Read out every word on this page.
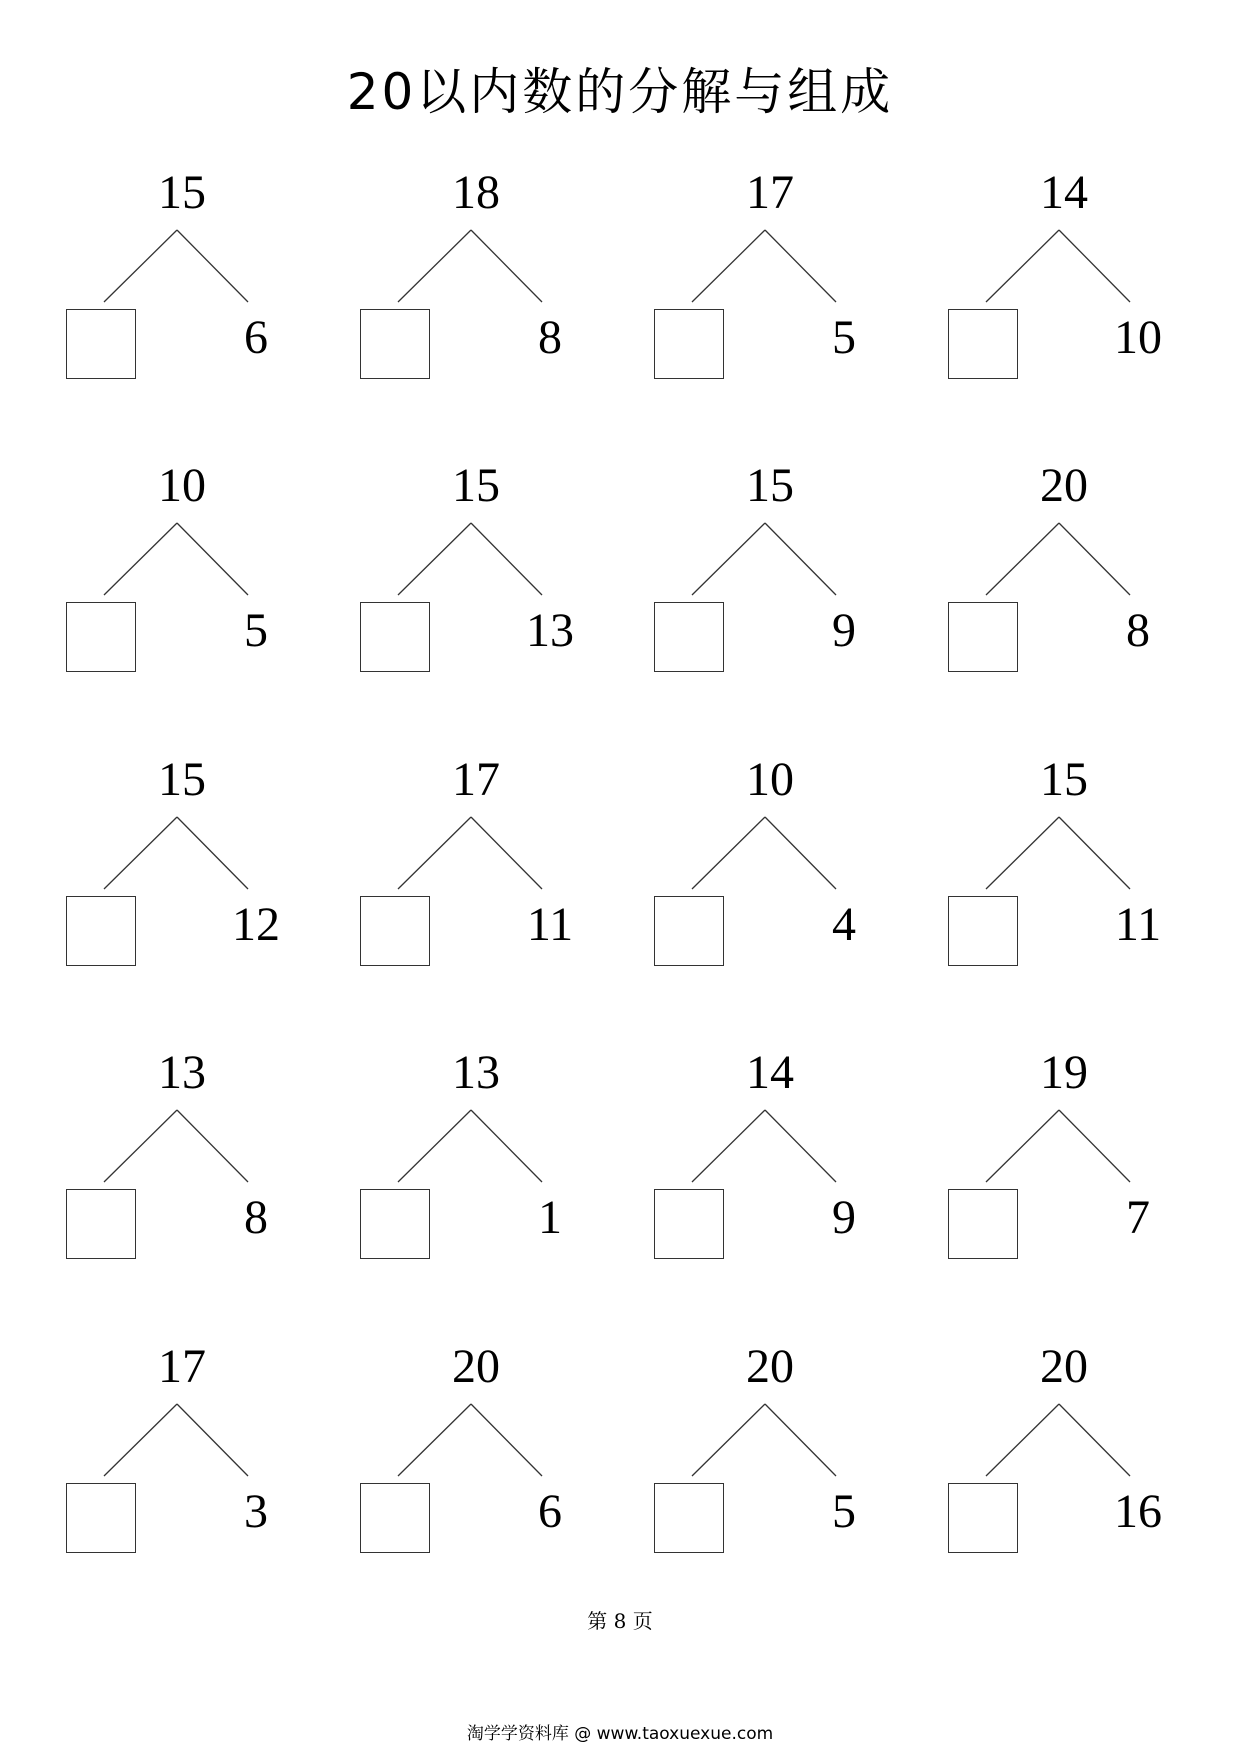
20以内数的分解与组成
15
6
18
8
17
5
14
10
10
5
15
13
15
9
20
8
15
12
17
11
10
4
15
11
13
8
13
1
14
9
19
7
17
3
20
6
20
5
20
16
第 8 页
淘学学资料库 @ www.taoxuexue.com
